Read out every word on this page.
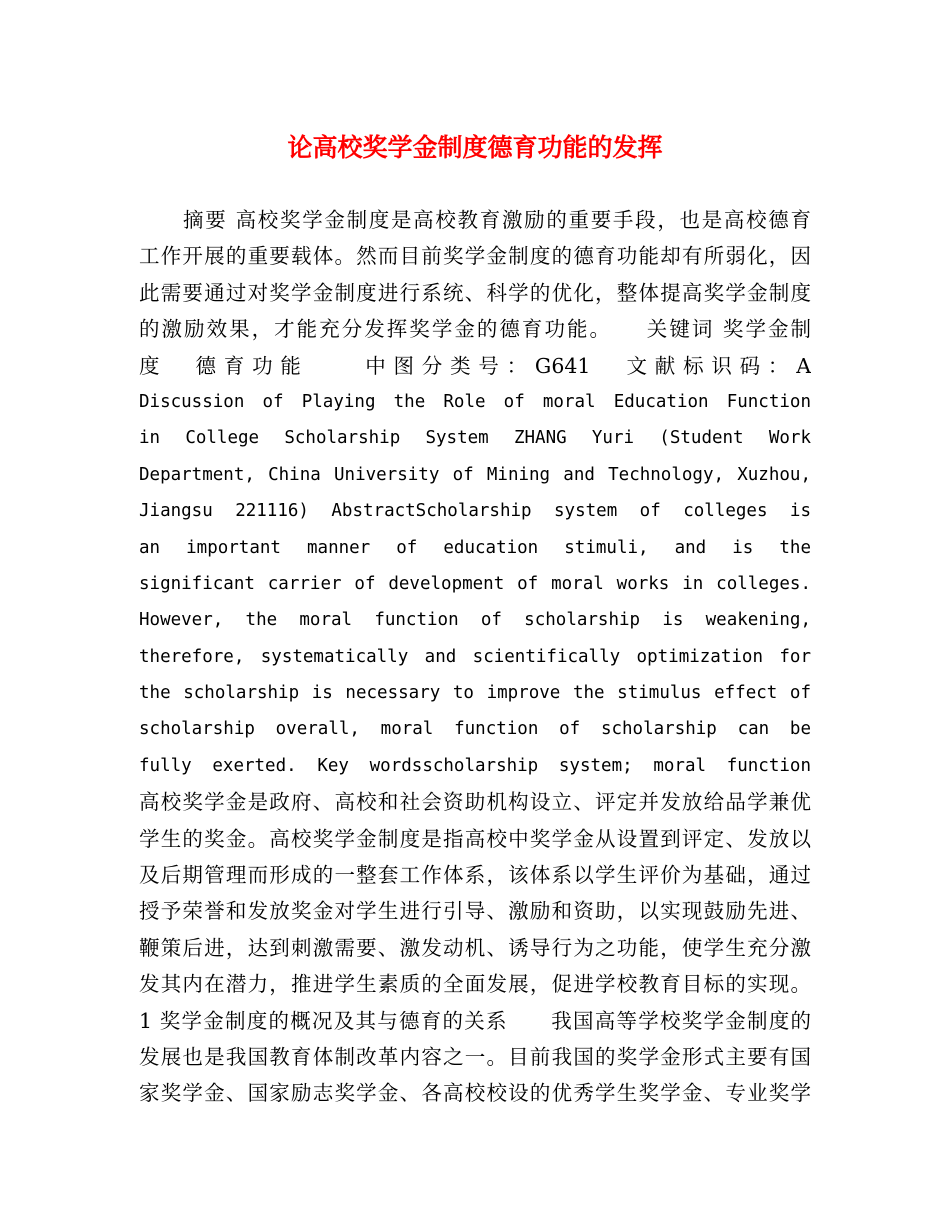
论高校奖学金制度德育功能的发挥
摘要 高校奖学金制度是高校教育激励的重要手段，也是高校德育
工作开展的重要载体。然而目前奖学金制度的德育功能却有所弱化，因
此需要通过对奖学金制度进行系统、科学的优化，整体提高奖学金制度
的激励效果，才能充分发挥奖学金的德育功能。　　关键词 奖学金制
度　德育功能　　中图分类号：G641　文献标识码：A
Discussion of Playing the Role of moral Education Function
in College Scholarship System ZHANG Yuri (Student Work
Department, China University of Mining and Technology, Xuzhou,
Jiangsu 221116) AbstractScholarship system of colleges is
an important manner of education stimuli, and is the
significant carrier of development of moral works in colleges.
However, the moral function of scholarship is weakening,
therefore, systematically and scientifically optimization for
the scholarship is necessary to improve the stimulus effect of
scholarship overall, moral function of scholarship can be
fully exerted. Key wordsscholarship system; moral function
高校奖学金是政府、高校和社会资助机构设立、评定并发放给品学兼优
学生的奖金。高校奖学金制度是指高校中奖学金从设置到评定、发放以
及后期管理而形成的一整套工作体系，该体系以学生评价为基础，通过
授予荣誉和发放奖金对学生进行引导、激励和资助，以实现鼓励先进、
鞭策后进，达到刺激需要、激发动机、诱导行为之功能，使学生充分激
发其内在潜力，推进学生素质的全面发展，促进学校教育目标的实现。
1 奖学金制度的概况及其与德育的关系　　我国高等学校奖学金制度的
发展也是我国教育体制改革内容之一。目前我国的奖学金形式主要有国
家奖学金、国家励志奖学金、各高校校设的优秀学生奖学金、专业奖学
